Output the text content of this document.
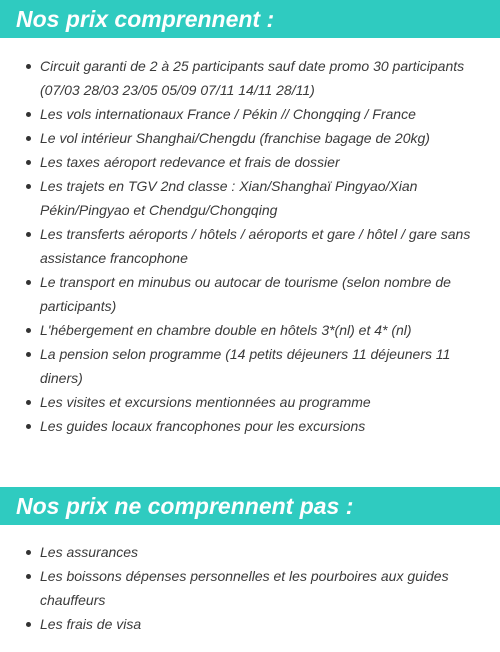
Nos prix comprennent :
Circuit garanti de 2 à 25 participants sauf date promo 30 participants (07/03 28/03 23/05 05/09 07/11 14/11 28/11)
Les vols internationaux France / Pékin // Chongqing / France
Le vol intérieur Shanghai/Chengdu (franchise bagage de 20kg)
Les taxes aéroport redevance et frais de dossier
Les trajets en TGV 2nd classe : Xian/Shanghaï Pingyao/Xian Pékin/Pingyao et Chendgu/Chongqing
Les transferts aéroports / hôtels / aéroports et gare / hôtel / gare sans assistance francophone
Le transport en minubus ou autocar de tourisme (selon nombre de participants)
L'hébergement en chambre double en hôtels 3*(nl) et 4* (nl)
La pension selon programme (14 petits déjeuners 11 déjeuners 11 diners)
Les visites et excursions mentionnées au programme
Les guides locaux francophones pour les excursions
Nos prix ne comprennent pas :
Les assurances
Les boissons dépenses personnelles et les pourboires aux guides chauffeurs
Les frais de visa
